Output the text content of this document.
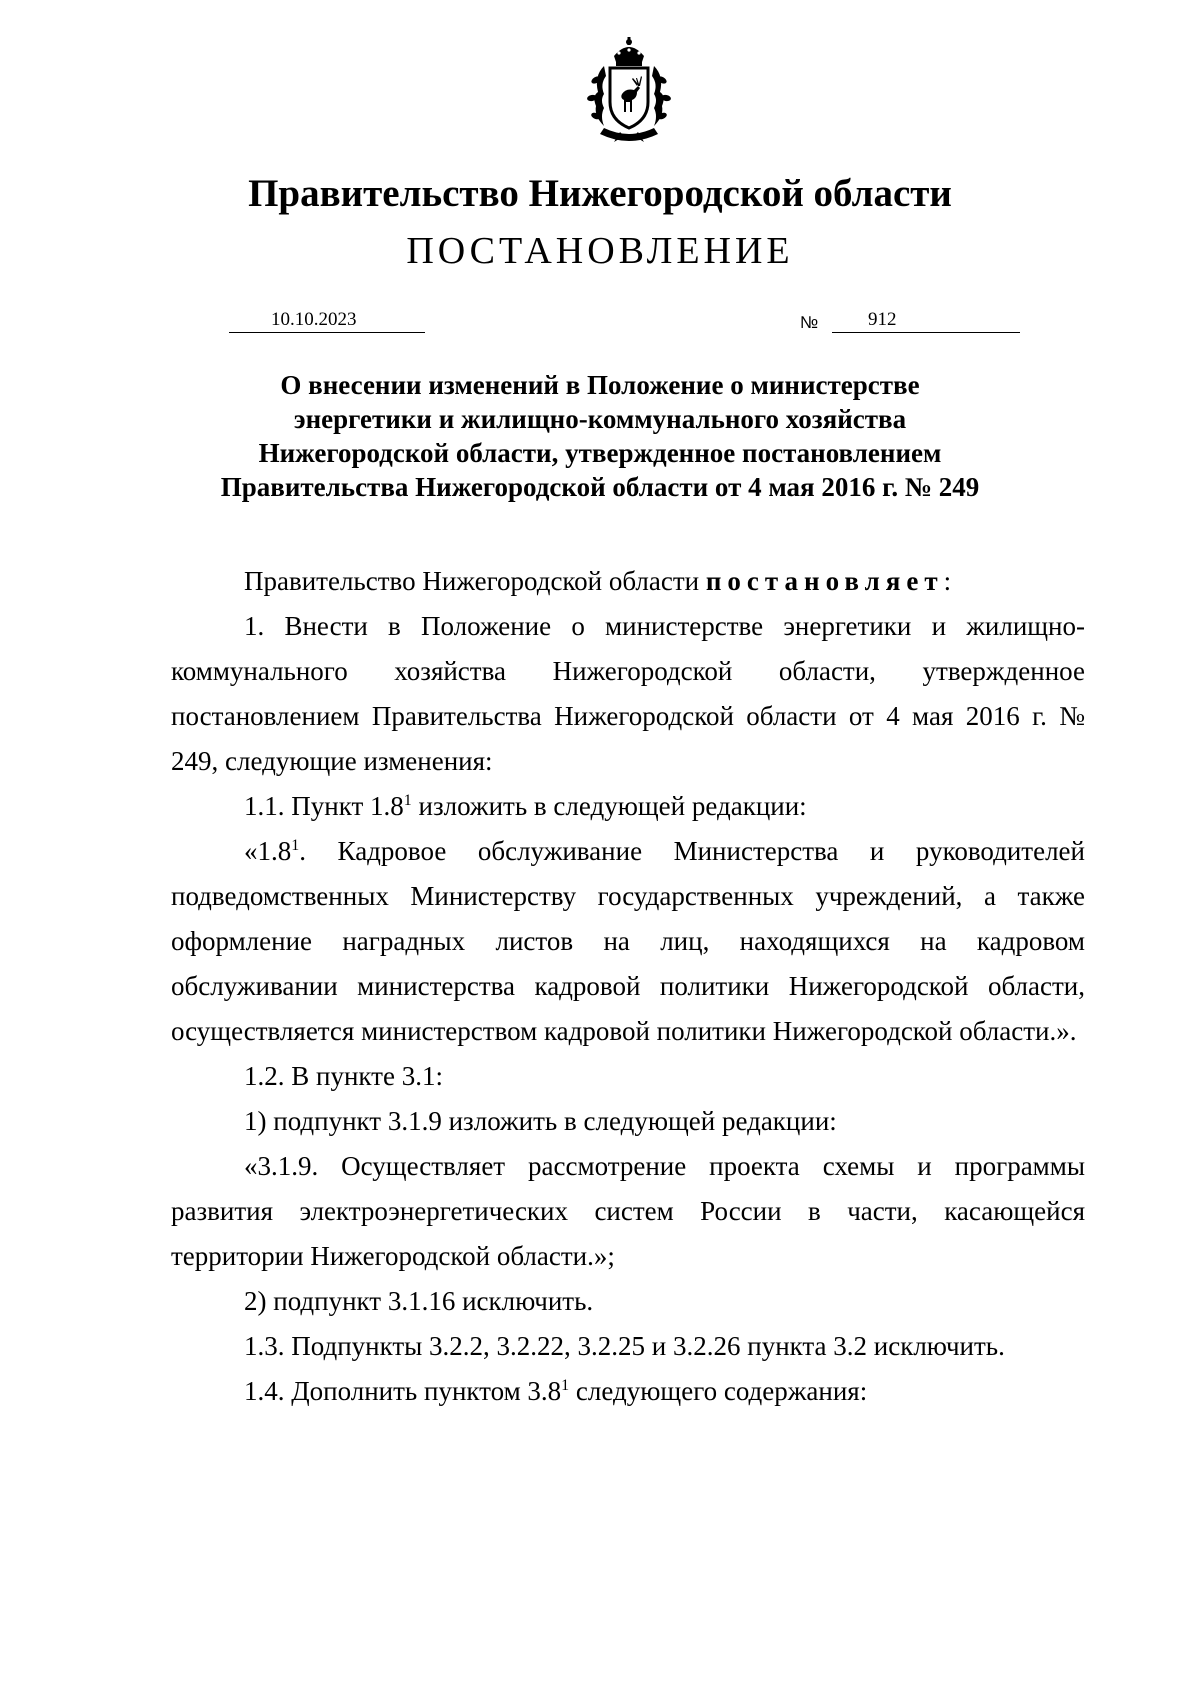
Правительство Нижегородской области
ПОСТАНОВЛЕНИЕ
10.10.2023	№	912
О внесении изменений в Положение о министерстве
энергетики и жилищно-коммунального хозяйства
Нижегородской области, утвержденное постановлением
Правительства Нижегородской области от 4 мая 2016 г. № 249

Правительство Нижегородской области постановляет:

1. Внести в Положение о министерстве энергетики и жилищно-коммунального хозяйства Нижегородской области, утвержденное постановлением Правительства Нижегородской области от 4 мая 2016 г. № 249, следующие изменения:

1.1. Пункт $1.8^1$ изложить в следующей редакции:

«$1.8^1$. Кадровое обслуживание Министерства и руководителей подведомственных Министерству государственных учреждений, а также оформление наградных листов на лиц, находящихся на кадровом обслуживании министерства кадровой политики Нижегородской области, осуществляется министерством кадровой политики Нижегородской области.».

1.2. В пункте 3.1:

1) подпункт 3.1.9 изложить в следующей редакции:

«3.1.9. Осуществляет рассмотрение проекта схемы и программы развития электроэнергетических систем России в части, касающейся территории Нижегородской области.»;

2) подпункт 3.1.16 исключить.

1.3. Подпункты 3.2.2, 3.2.22, 3.2.25 и 3.2.26 пункта 3.2 исключить.

1.4. Дополнить пунктом $3.8^1$ следующего содержания:
